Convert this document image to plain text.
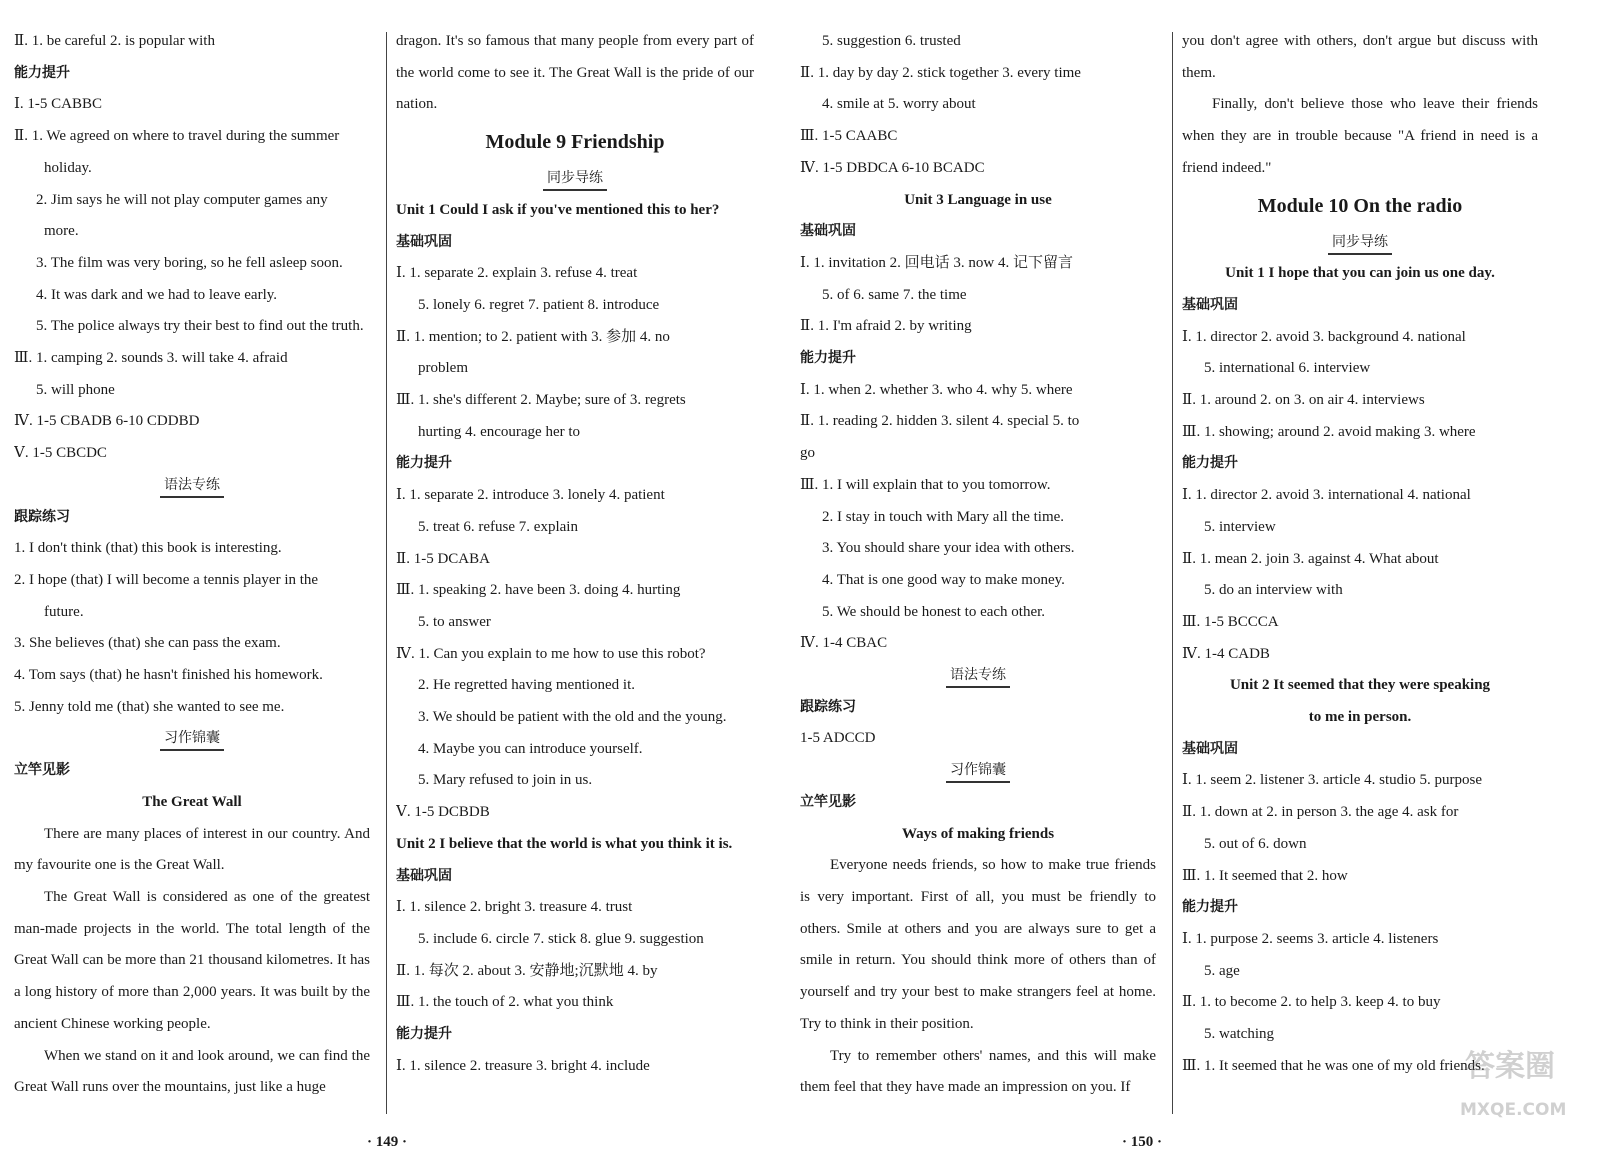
Ⅱ. 1. be careful 2. is popular with

能力提升

Ⅰ. 1-5 CABBC

Ⅱ. 1. We agreed on where to travel during the summer

holiday.

2. Jim says he will not play computer games any

more.

3. The film was very boring, so he fell asleep soon.

4. It was dark and we had to leave early.

5. The police always try their best to find out the truth.

Ⅲ. 1. camping 2. sounds 3. will take 4. afraid

5. will phone

Ⅳ. 1-5 CBADB 6-10 CDDBD

Ⅴ. 1-5 CBCDC

语法专练

跟踪练习

1. I don't think (that) this book is interesting.

2. I hope (that) I will become a tennis player in the

future.

3. She believes (that) she can pass the exam.

4. Tom says (that) he hasn't finished his homework.

5. Jenny told me (that) she wanted to see me.

习作锦囊

立竿见影

The Great Wall

There are many places of interest in our country. And my favourite one is the Great Wall.

The Great Wall is considered as one of the greatest man-made projects in the world. The total length of the Great Wall can be more than 21 thousand kilometres. It has a long history of more than 2,000 years. It was built by the ancient Chinese working people.

When we stand on it and look around, we can find the Great Wall runs over the mountains, just like a huge

dragon. It's so famous that many people from every part of the world come to see it. The Great Wall is the pride of our nation.

Module 9 Friendship

同步导练

Unit 1 Could I ask if you've mentioned this to her?

基础巩固

Ⅰ. 1. separate 2. explain 3. refuse 4. treat

5. lonely 6. regret 7. patient 8. introduce

Ⅱ. 1. mention; to 2. patient with 3. 参加 4. no

problem

Ⅲ. 1. she's different 2. Maybe; sure of 3. regrets

hurting 4. encourage her to

能力提升

Ⅰ. 1. separate 2. introduce 3. lonely 4. patient

5. treat 6. refuse 7. explain

Ⅱ. 1-5 DCABA

Ⅲ. 1. speaking 2. have been 3. doing 4. hurting

5. to answer

Ⅳ. 1. Can you explain to me how to use this robot?

2. He regretted having mentioned it.

3. We should be patient with the old and the young.

4. Maybe you can introduce yourself.

5. Mary refused to join in us.

Ⅴ. 1-5 DCBDB

Unit 2 I believe that the world is what you think it is.

基础巩固

Ⅰ. 1. silence 2. bright 3. treasure 4. trust

5. include 6. circle 7. stick 8. glue 9. suggestion

Ⅱ. 1. 每次 2. about 3. 安静地;沉默地 4. by

Ⅲ. 1. the touch of 2. what you think

能力提升

Ⅰ. 1. silence 2. treasure 3. bright 4. include

· 149 ·

5. suggestion 6. trusted

Ⅱ. 1. day by day 2. stick together 3. every time

4. smile at 5. worry about

Ⅲ. 1-5 CAABC

Ⅳ. 1-5 DBDCA 6-10 BCADC

Unit 3 Language in use

基础巩固

Ⅰ. 1. invitation 2. 回电话 3. now 4. 记下留言

5. of 6. same 7. the time

Ⅱ. 1. I'm afraid 2. by writing

能力提升

Ⅰ. 1. when 2. whether 3. who 4. why 5. where

Ⅱ. 1. reading 2. hidden 3. silent 4. special 5. to

go

Ⅲ. 1. I will explain that to you tomorrow.

2. I stay in touch with Mary all the time.

3. You should share your idea with others.

4. That is one good way to make money.

5. We should be honest to each other.

Ⅳ. 1-4 CBAC

语法专练

跟踪练习

1-5 ADCCD

习作锦囊

立竿见影

Ways of making friends

Everyone needs friends, so how to make true friends is very important. First of all, you must be friendly to others. Smile at others and you are always sure to get a smile in return. You should think more of others than of yourself and try your best to make strangers feel at home. Try to think in their position.

Try to remember others' names, and this will make them feel that they have made an impression on you. If

you don't agree with others, don't argue but discuss with them.

Finally, don't believe those who leave their friends when they are in trouble because "A friend in need is a friend indeed."

Module 10 On the radio

同步导练

Unit 1 I hope that you can join us one day.

基础巩固

Ⅰ. 1. director 2. avoid 3. background 4. national

5. international 6. interview

Ⅱ. 1. around 2. on 3. on air 4. interviews

Ⅲ. 1. showing; around 2. avoid making 3. where

能力提升

Ⅰ. 1. director 2. avoid 3. international 4. national

5. interview

Ⅱ. 1. mean 2. join 3. against 4. What about

5. do an interview with

Ⅲ. 1-5 BCCCA

Ⅳ. 1-4 CADB

Unit 2 It seemed that they were speaking

to me in person.

基础巩固

Ⅰ. 1. seem 2. listener 3. article 4. studio 5. purpose

Ⅱ. 1. down at 2. in person 3. the age 4. ask for

5. out of 6. down

Ⅲ. 1. It seemed that 2. how

能力提升

Ⅰ. 1. purpose 2. seems 3. article 4. listeners

5. age

Ⅱ. 1. to become 2. to help 3. keep 4. to buy

5. watching

Ⅲ. 1. It seemed that he was one of my old friends.

· 150 ·
答案圈
MXQE.COM
